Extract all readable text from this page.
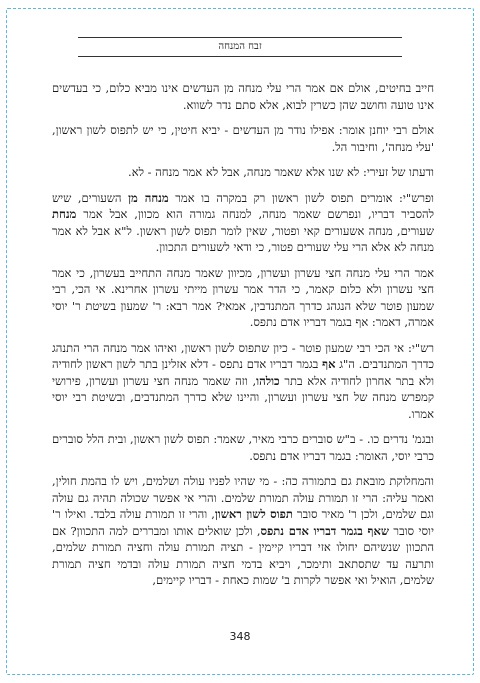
זבח המנחה

חייב בחיטים, אולם אם אמר הרי עלי מנחה מן העדשים אינו מביא כלום, כי בעדשים אינו טועה וחושב שהן כשרין לבוא, אלא סתם נדר לשווא.

אולם רבי יוחנן אומר: אפילו נודר מן העדשים - יביא חיטין, כי יש לתפוס לשון ראשון, 'עלי מנחה', וחיבור הל.

ודעתו של זעירי: לא שנו אלא שאמר מנחה, אבל לא אמר מנחה - לא.

ופרש"י: אומרים תפוס לשון ראשון רק במקרה בו אמר מנחה מן השעורים, שיש להסביר דבריו, ונפרשם שאמר מנחה, למנחה גמורה הוא מכוון, אבל אמר מנחת שעורים, מנחה אשעורים קאי ופטור, שאין לומר תפוס לשון ראשון. ל"א אבל לא אמר מנחה לא אלא הרי עלי שעורים פטור, כי ודאי לשעורים התכוון.

אמר הרי עלי מנחה חצי עשרון ועשרון, מכיוון שאמר מנחה התחייב בעשרון, כי אמר חצי עשרון ולא כלום קאמר, כי הדר אמר עשרון מייתי עשרון אחרינא. אי הכי, רבי שמעון פוטר שלא הנגהג כדרך המתנדבין, אמאי? אמר רבא: ר' שמעון בשיטת ר' יוסי אמרה, דאמר: אף בגמר דבריו אדם נתפס.

רש"י: אי הכי רבי שמעון פוטר - כיון שתפוס לשון ראשון, ואיהו אמר מנחה הרי התנהג כדרך המתנדבים. ה"ג אף בגמר דבריו אדם נתפס - דלא אזלינן בתר לשון ראשון לחודיה ולא בתר אחרון לחודיה אלא בתר כולהו, וזה שאמר מנחה חצי עשרון ועשרון, פירושי קמפרש מנחה של חצי עשרון ועשרון, והיינו שלא כדרך המתנדבים, ובשיטת רבי יוסי אמרו.

ובגמ' נדרים כו. - ב"ש סוברים כרבי מאיר, שאמר: תפוס לשון ראשון, ובית הלל סוברים כרבי יוסי, האומר: בגמר דבריו אדם נתפס.

והמחלוקת מובאת גם בתמורה כה: - מי שהיו לפניו עולה ושלמים, ויש לו בהמת חולין, ואמר עליה: הרי זו תמורת עולה תמורת שלמים. והרי אי אפשר שכולה תהיה גם עולה וגם שלמים, ולכן ר' מאיר סובר תפוס לשון ראשון, והרי זו תמורת עולה בלבד. ואילו ר' יוסי סובר שאף בגמר דבריו אדם נתפס, ולכן שואלים אותו ומבררים למה התכוון? אם התכוון שנשיהם יחולו אזי דבריו קיימין - תציה תמורת עולה וחציה תמורת שלמים, ותרעה עד שתסתאב ותימכר, ויביא בדמי חציה תמורת עולה ובדמי חציה תמורת שלמים, הואיל ואי אפשר לקרות ב' שמות כאחת - דבריו קיימים,

348
